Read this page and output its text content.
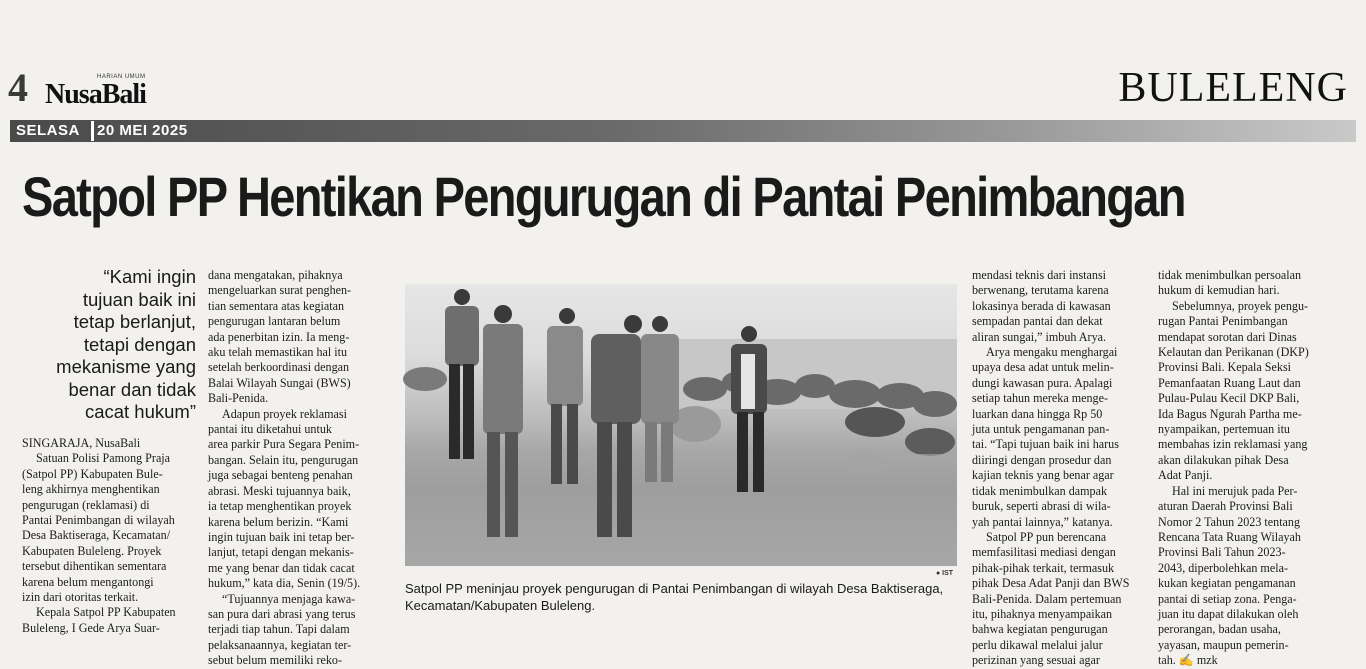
4	HARIAN UMUM
NusaBali	BULELENG
SELASA 20 MEI 2025
Satpol PP Hentikan Pengurugan di Pantai Penimbangan
“Kami ingin
tujuan baik ini
tetap berlanjut,
tetapi dengan
mekanisme yang
benar dan tidak
cacat hukum”

SINGARAJA, NusaBali

Satuan Polisi Pamong Praja

(Satpol PP) Kabupaten Bule-

leng akhirnya menghentikan

pengurugan (reklamasi) di

Pantai Penimbangan di wilayah

Desa Baktiseraga, Kecamatan/

Kabupaten Buleleng. Proyek

tersebut dihentikan sementara

karena belum mengantongi

izin dari otoritas terkait.

Kepala Satpol PP Kabupaten

Buleleng, I Gede Arya Suar-

dana mengatakan, pihaknya

mengeluarkan surat penghen-

tian sementara atas kegiatan

pengurugan lantaran belum

ada penerbitan izin. Ia meng-

aku telah memastikan hal itu

setelah berkoordinasi dengan

Balai Wilayah Sungai (BWS)

Bali-Penida.

Adapun proyek reklamasi

pantai itu diketahui untuk

area parkir Pura Segara Penim-

bangan. Selain itu, pengurugan

juga sebagai benteng penahan

abrasi. Meski tujuannya baik,

ia tetap menghentikan proyek

karena belum berizin. “Kami

ingin tujuan baik ini tetap ber-

lanjut, tetapi dengan mekanis-

me yang benar dan tidak cacat

hukum,” kata dia, Senin (19/5).

“Tujuannya menjaga kawa-

san pura dari abrasi yang terus

terjadi tiap tahun. Tapi dalam

pelaksanaannya, kegiatan ter-

sebut belum memiliki reko-

mendasi teknis dari instansi

berwenang, terutama karena

lokasinya berada di kawasan

sempadan pantai dan dekat

aliran sungai,” imbuh Arya.

Arya mengaku menghargai

upaya desa adat untuk melin-

dungi kawasan pura. Apalagi

setiap tahun mereka menge-

luarkan dana hingga Rp 50

juta untuk pengamanan pan-

tai. “Tapi tujuan baik ini harus

diiringi dengan prosedur dan

kajian teknis yang benar agar

tidak menimbulkan dampak

buruk, seperti abrasi di wila-

yah pantai lainnya,” katanya.

Satpol PP pun berencana

memfasilitasi mediasi dengan

pihak-pihak terkait, termasuk

pihak Desa Adat Panji dan BWS

Bali-Penida. Dalam pertemuan

itu, pihaknya menyampaikan

bahwa kegiatan pengurugan

perlu dikawal melalui jalur

perizinan yang sesuai agar

tidak menimbulkan persoalan

hukum di kemudian hari.

Sebelumnya, proyek pengu-

rugan Pantai Penimbangan

mendapat sorotan dari Dinas

Kelautan dan Perikanan (DKP)

Provinsi Bali. Kepala Seksi

Pemanfaatan Ruang Laut dan

Pulau-Pulau Kecil DKP Bali,

Ida Bagus Ngurah Partha me-

nyampaikan, pertemuan itu

membahas izin reklamasi yang

akan dilakukan pihak Desa

Adat Panji.

Hal ini merujuk pada Per-

aturan Daerah Provinsi Bali

Nomor 2 Tahun 2023 tentang

Rencana Tata Ruang Wilayah

Provinsi Bali Tahun 2023-

2043, diperbolehkan mela-

kukan kegiatan pengamanan

pantai di setiap zona. Penga-

juan itu dapat dilakukan oleh

perorangan, badan usaha,

yayasan, maupun pemerin-

tah. ✍ mzk

● IST
Satpol PP meninjau proyek pengurugan di Pantai Penimbangan di wilayah Desa Baktiseraga, Kecamatan/Kabupaten Buleleng.
